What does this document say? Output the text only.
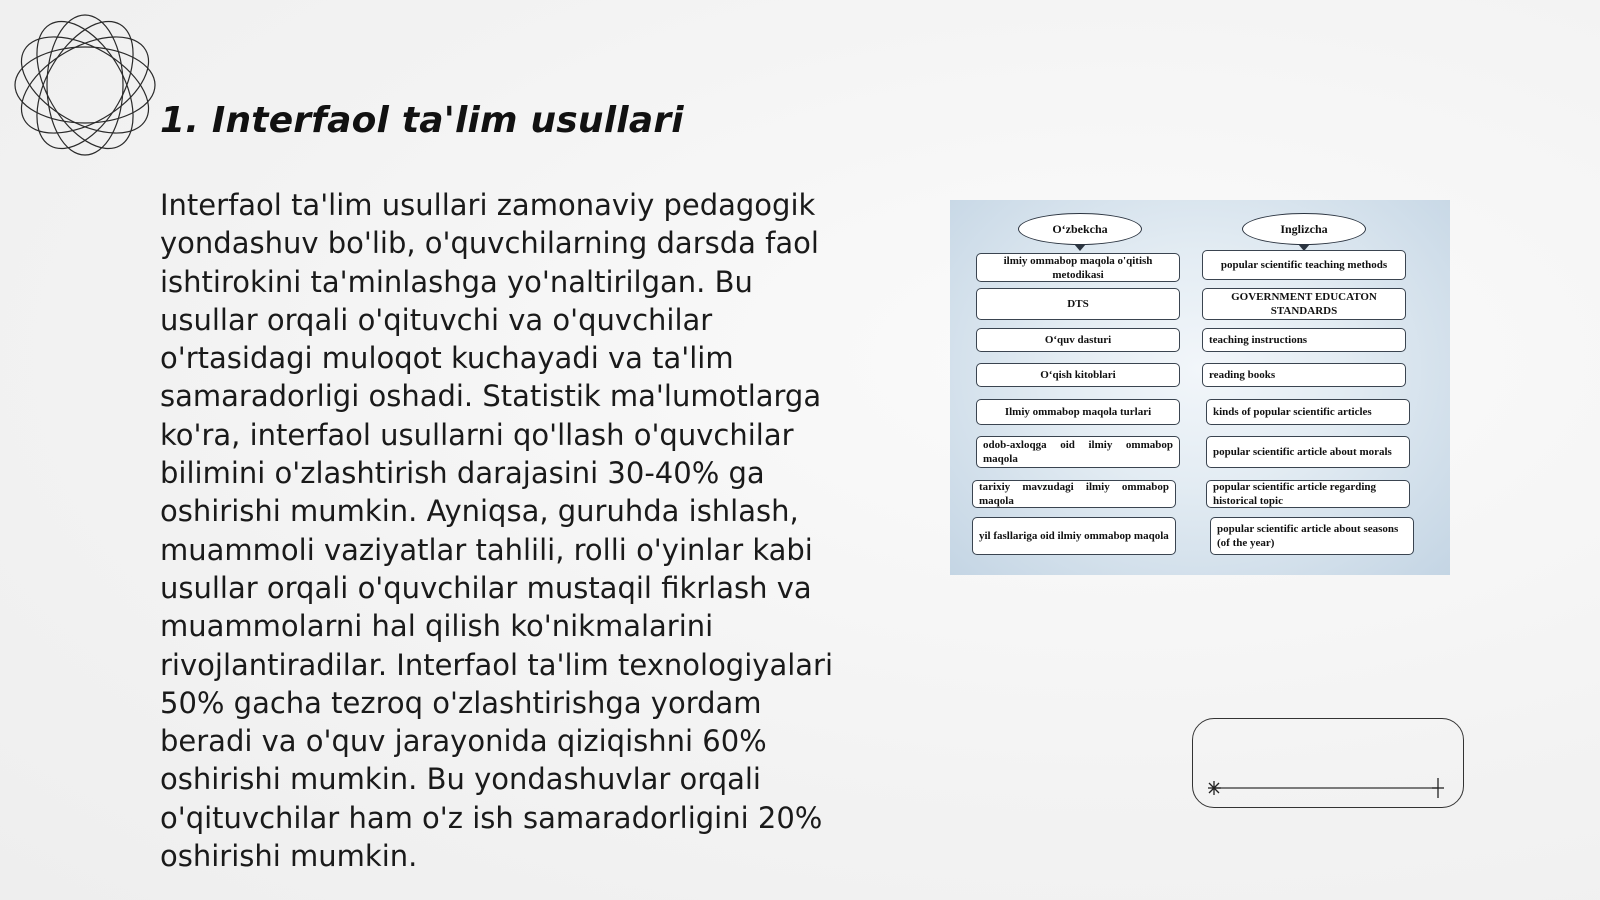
1. Interfaol ta'lim usullari

Interfaol ta'lim usullari zamonaviy pedagogik yondashuv bo'lib, o'quvchilarning darsda faol ishtirokini ta'minlashga yo'naltirilgan. Bu usullar orqali o'qituvchi va o'quvchilar o'rtasidagi muloqot kuchayadi va ta'lim samaradorligi oshadi. Statistik ma'lumotlarga ko'ra, interfaol usullarni qo'llash o'quvchilar bilimini o'zlashtirish darajasini 30-40% ga oshirishi mumkin. Ayniqsa, guruhda ishlash, muammoli vaziyatlar tahlili, rolli o'yinlar kabi usullar orqali o'quvchilar mustaqil fikrlash va muammolarni hal qilish ko'nikmalarini rivojlantiradilar. Interfaol ta'lim texnologiyalari 50% gacha tezroq o'zlashtirishga yordam beradi va o'quv jarayonida qiziqishni 60% oshirishi mumkin. Bu yondashuvlar orqali o'qituvchilar ham o'z ish samaradorligini 20% oshirishi mumkin.

O‘zbekcha	Inglizcha
ilmiy ommabop maqola o'qitish metodikasi
DTS
O‘quv dasturi
O‘qish kitoblari
Ilmiy ommabop maqola turlari
odob-axloqga oid ilmiy ommabop maqola
tarixiy mavzudagi ilmiy ommabop maqola
yil fasllariga oid ilmiy ommabop maqola
popular scientific teaching methods
GOVERNMENT EDUCATON STANDARDS
teaching instructions
reading books
kinds of popular scientific articles
popular scientific article about morals
popular scientific article regarding historical topic
popular scientific article about seasons (of the year)
